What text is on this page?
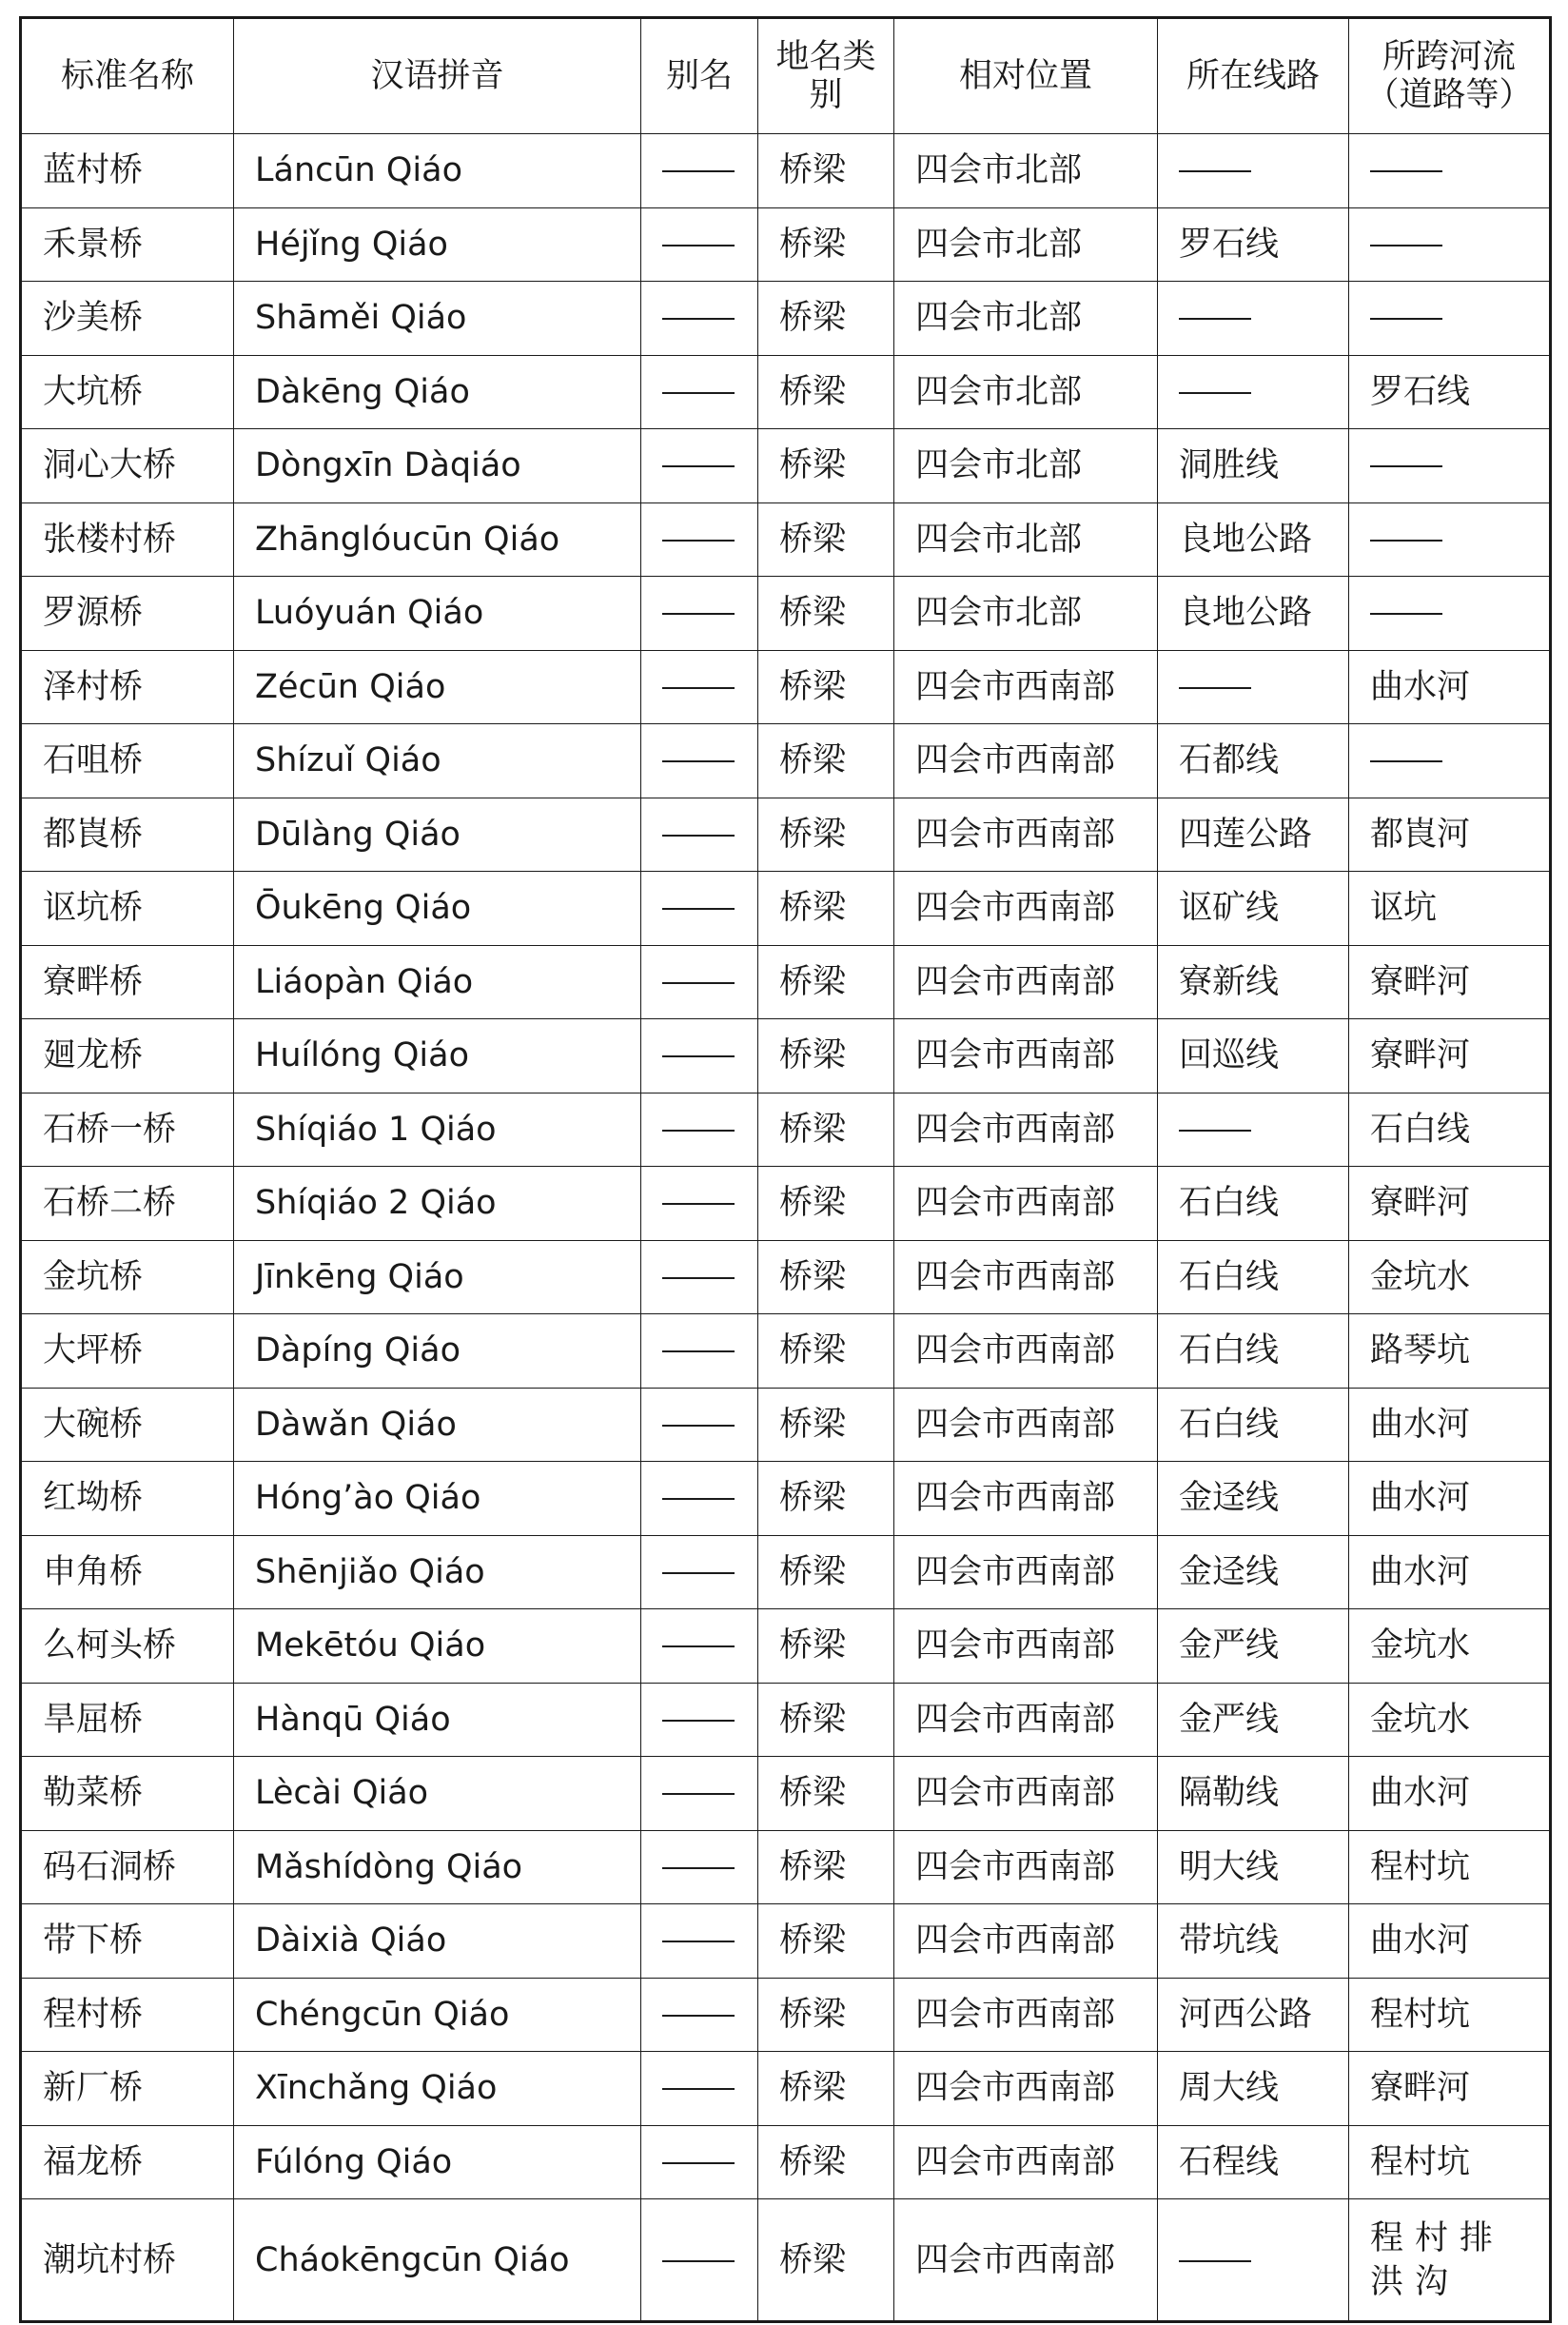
标准名称	汉语拼音	别名	地名类别	相对位置	所在线路	所跨河流（道路等）
蓝村桥	Láncūn Qiáo		桥梁	四会市北部		
禾景桥	Héjǐng Qiáo		桥梁	四会市北部	罗石线	
沙美桥	Shāměi Qiáo		桥梁	四会市北部		
大坑桥	Dàkēng Qiáo		桥梁	四会市北部		罗石线
洞心大桥	Dòngxīn Dàqiáo		桥梁	四会市北部	洞胜线	
张楼村桥	Zhānglóucūn Qiáo		桥梁	四会市北部	良地公路	
罗源桥	Luóyuán Qiáo		桥梁	四会市北部	良地公路	
泽村桥	Zécūn Qiáo		桥梁	四会市西南部		曲水河
石咀桥	Shízuǐ Qiáo		桥梁	四会市西南部	石都线	
都崀桥	Dūlàng Qiáo		桥梁	四会市西南部	四莲公路	都崀河
讴坑桥	Ōukēng Qiáo		桥梁	四会市西南部	讴矿线	讴坑
寮畔桥	Liáopàn Qiáo		桥梁	四会市西南部	寮新线	寮畔河
廻龙桥	Huílóng Qiáo		桥梁	四会市西南部	回巡线	寮畔河
石桥一桥	Shíqiáo 1 Qiáo		桥梁	四会市西南部		石白线
石桥二桥	Shíqiáo 2 Qiáo		桥梁	四会市西南部	石白线	寮畔河
金坑桥	Jīnkēng Qiáo		桥梁	四会市西南部	石白线	金坑水
大坪桥	Dàpíng Qiáo		桥梁	四会市西南部	石白线	路琴坑
大碗桥	Dàwǎn Qiáo		桥梁	四会市西南部	石白线	曲水河
红坳桥	Hóng’ào Qiáo		桥梁	四会市西南部	金迳线	曲水河
申角桥	Shēnjiǎo Qiáo		桥梁	四会市西南部	金迳线	曲水河
么柯头桥	Mekētóu Qiáo		桥梁	四会市西南部	金严线	金坑水
旱屈桥	Hànqū Qiáo		桥梁	四会市西南部	金严线	金坑水
勒菜桥	Lècài Qiáo		桥梁	四会市西南部	隔勒线	曲水河
码石洞桥	Mǎshídòng Qiáo		桥梁	四会市西南部	明大线	程村坑
带下桥	Dàixià Qiáo		桥梁	四会市西南部	带坑线	曲水河
程村桥	Chéngcūn Qiáo		桥梁	四会市西南部	河西公路	程村坑
新厂桥	Xīnchǎng Qiáo		桥梁	四会市西南部	周大线	寮畔河
福龙桥	Fúlóng Qiáo		桥梁	四会市西南部	石程线	程村坑
潮坑村桥	Cháokēngcūn Qiáo		桥梁	四会市西南部		程村排洪沟
